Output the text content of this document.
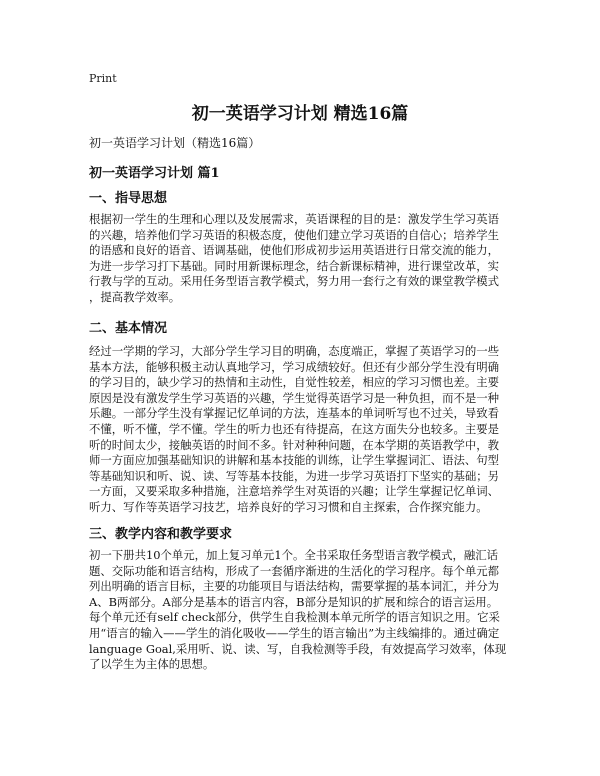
Print
初一英语学习计划 精选16篇

初一英语学习计划（精选16篇）

初一英语学习计划 篇1
一、指导思想
根据初一学生的生理和心理以及发展需求，英语课程的目的是：激发学生学习英语
的兴趣，培养他们学习英语的积极态度，使他们建立学习英语的自信心；培养学生
的语感和良好的语音、语调基础，使他们形成初步运用英语进行日常交流的能力，
为进一步学习打下基础。同时用新课标理念，结合新课标精神，进行课堂改革，实
行教与学的互动。采用任务型语言教学模式，努力用一套行之有效的课堂教学模式
，提高教学效率。
二、基本情况
经过一学期的学习，大部分学生学习目的明确，态度端正，掌握了英语学习的一些
基本方法，能够积极主动认真地学习，学习成绩较好。但还有少部分学生没有明确
的学习目的，缺少学习的热情和主动性，自觉性较差，相应的学习习惯也差。主要
原因是没有激发学生学习英语的兴趣，学生觉得英语学习是一种负担，而不是一种
乐趣。一部分学生没有掌握记忆单词的方法，连基本的单词听写也不过关，导致看
不懂，听不懂，学不懂。学生的听力也还有待提高，在这方面失分也较多。主要是
听的时间太少，接触英语的时间不多。针对种种问题，在本学期的英语教学中，教
师一方面应加强基础知识的讲解和基本技能的训练，让学生掌握词汇、语法、句型
等基础知识和听、说、读、写等基本技能，为进一步学习英语打下坚实的基础；另
一方面，又要采取多种措施，注意培养学生对英语的兴趣；让学生掌握记忆单词、
听力、写作等英语学习技艺，培养良好的学习习惯和自主探索，合作探究能力。
三、教学内容和教学要求
初一下册共10个单元，加上复习单元1个。全书采取任务型语言教学模式，融汇话
题、交际功能和语言结构，形成了一套循序渐进的生活化的学习程序。每个单元都
列出明确的语言目标，主要的功能项目与语法结构，需要掌握的基本词汇，并分为
A、B两部分。A部分是基本的语言内容，B部分是知识的扩展和综合的语言运用。
每个单元还有self check部分，供学生自我检测本单元所学的语言知识之用。它采
用“语言的输入——学生的消化吸收——学生的语言输出”为主线编排的。通过确定
language Goal,采用听、说、读、写，自我检测等手段，有效提高学习效率，体现
了以学生为主体的思想。
